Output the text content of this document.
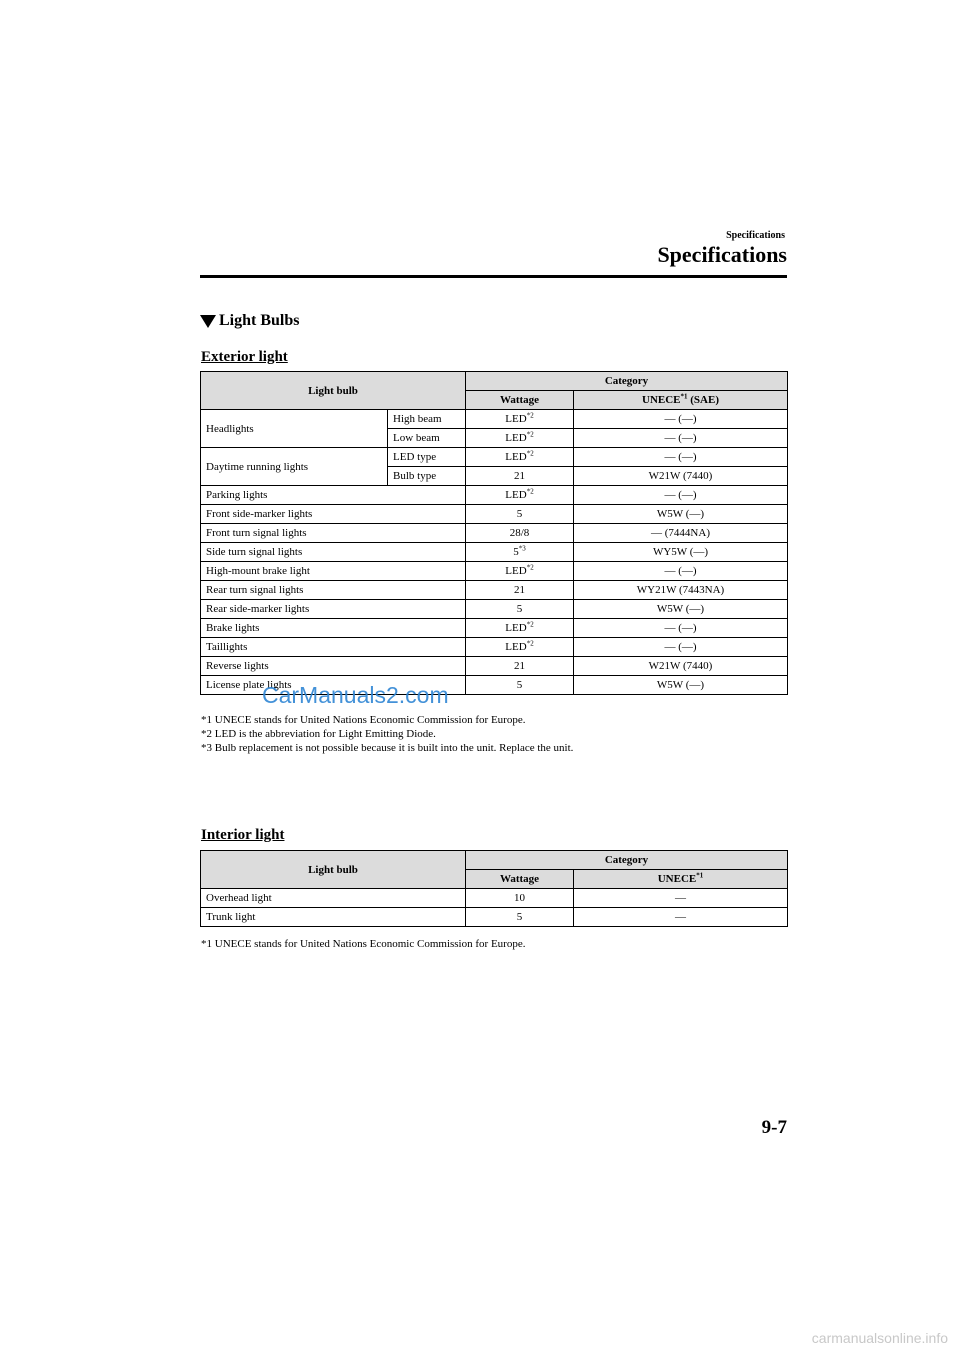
Specifications
Specifications
Light Bulbs
Exterior light
Light bulb		Category	
		Wattage	UNECE$^{*1}$ (SAE)
Headlights	High beam	LED$^{*2}$	— (—)
	Low beam	LED$^{*2}$	— (—)
Daytime running lights	LED type	LED$^{*2}$	— (—)
	Bulb type	21	W21W (7440)
Parking lights		LED$^{*2}$	— (—)
Front side-marker lights		5	W5W (—)
Front turn signal lights		28/8	— (7444NA)
Side turn signal lights		5$^{*3}$	WY5W (—)
High-mount brake light		LED$^{*2}$	— (—)
Rear turn signal lights		21	WY21W (7443NA)
Rear side-marker lights		5	W5W (—)
Brake lights		LED$^{*2}$	— (—)
Taillights		LED$^{*2}$	— (—)
Reverse lights		21	W21W (7440)
License plate lights		5	W5W (—)
*1 UNECE stands for United Nations Economic Commission for Europe.
*2 LED is the abbreviation for Light Emitting Diode.
*3 Bulb replacement is not possible because it is built into the unit. Replace the unit.
CarManuals2.com
Interior light
Light bulb	Category	
	Wattage	UNECE$^{*1}$
Overhead light	10	—
Trunk light	5	—
*1 UNECE stands for United Nations Economic Commission for Europe.
9-7
carmanualsonline.info
